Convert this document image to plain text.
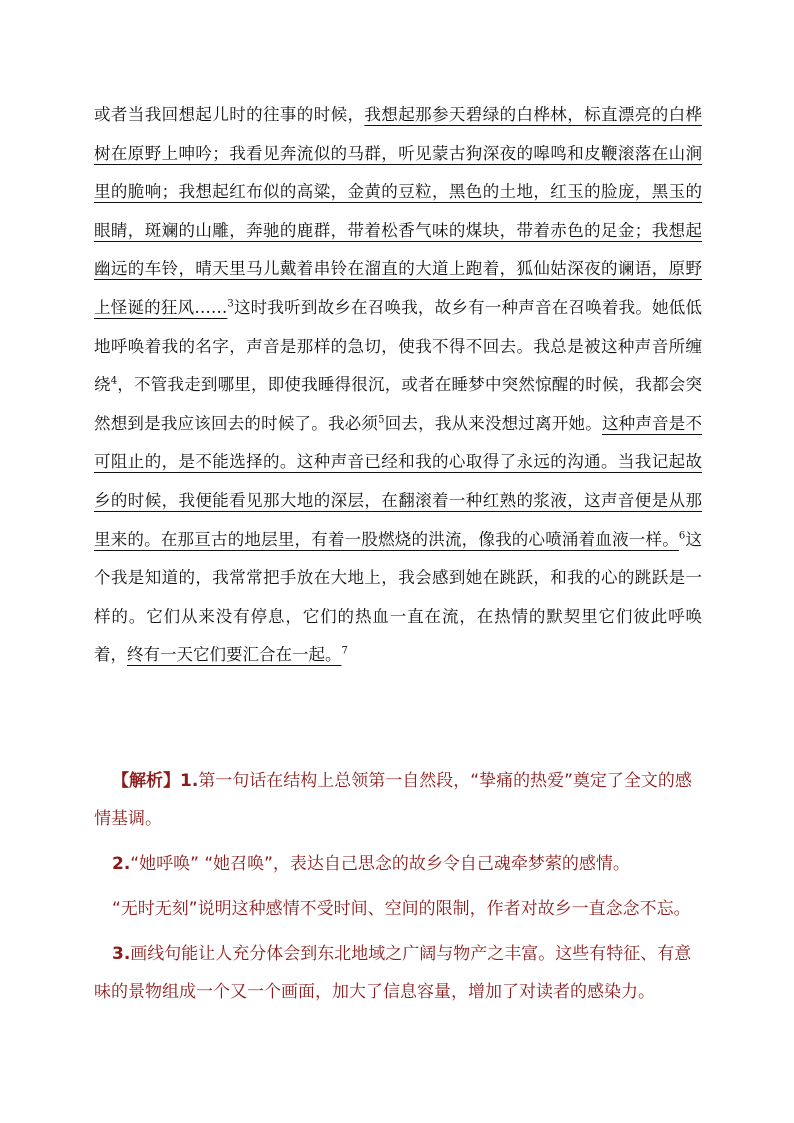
或者当我回想起儿时的往事的时候，我想起那参天碧绿的白桦林，标直漂亮的白桦树在原野上呻吟；我看见奔流似的马群，听见蒙古狗深夜的嗥鸣和皮鞭滚落在山涧里的脆响；我想起红布似的高粱，金黄的豆粒，黑色的土地，红玉的脸庞，黑玉的眼睛，斑斓的山雕，奔驰的鹿群，带着松香气味的煤块，带着赤色的足金；我想起幽远的车铃，晴天里马儿戴着串铃在溜直的大道上跑着，狐仙姑深夜的谰语，原野上怪诞的狂风……$^3$这时我听到故乡在召唤我，故乡有一种声音在召唤着我。她低低地呼唤着我的名字，声音是那样的急切，使我不得不回去。我总是被这种声音所缠绕$^4$，不管我走到哪里，即使我睡得很沉，或者在睡梦中突然惊醒的时候，我都会突然想到是我应该回去的时候了。我必须$^5$回去，我从来没想过离开她。这种声音是不可阻止的，是不能选择的。这种声音已经和我的心取得了永远的沟通。当我记起故乡的时候，我便能看见那大地的深层，在翻滚着一种红熟的浆液，这声音便是从那里来的。在那亘古的地层里，有着一股燃烧的洪流，像我的心喷涌着血液一样。$^6$这个我是知道的，我常常把手放在大地上，我会感到她在跳跃，和我的心的跳跃是一样的。它们从来没有停息，它们的热血一直在流，在热情的默契里它们彼此呼唤着，终有一天它们要汇合在一起。$^7$

【解析】1.第一句话在结构上总领第一自然段，“挚痛的热爱”奠定了全文的感情基调。

2.“她呼唤” “她召唤”，表达自己思念的故乡令自己魂牵梦萦的感情。

“无时无刻”说明这种感情不受时间、空间的限制，作者对故乡一直念念不忘。

3.画线句能让人充分体会到东北地域之广阔与物产之丰富。这些有特征、有意味的景物组成一个又一个画面，加大了信息容量，增加了对读者的感染力。
